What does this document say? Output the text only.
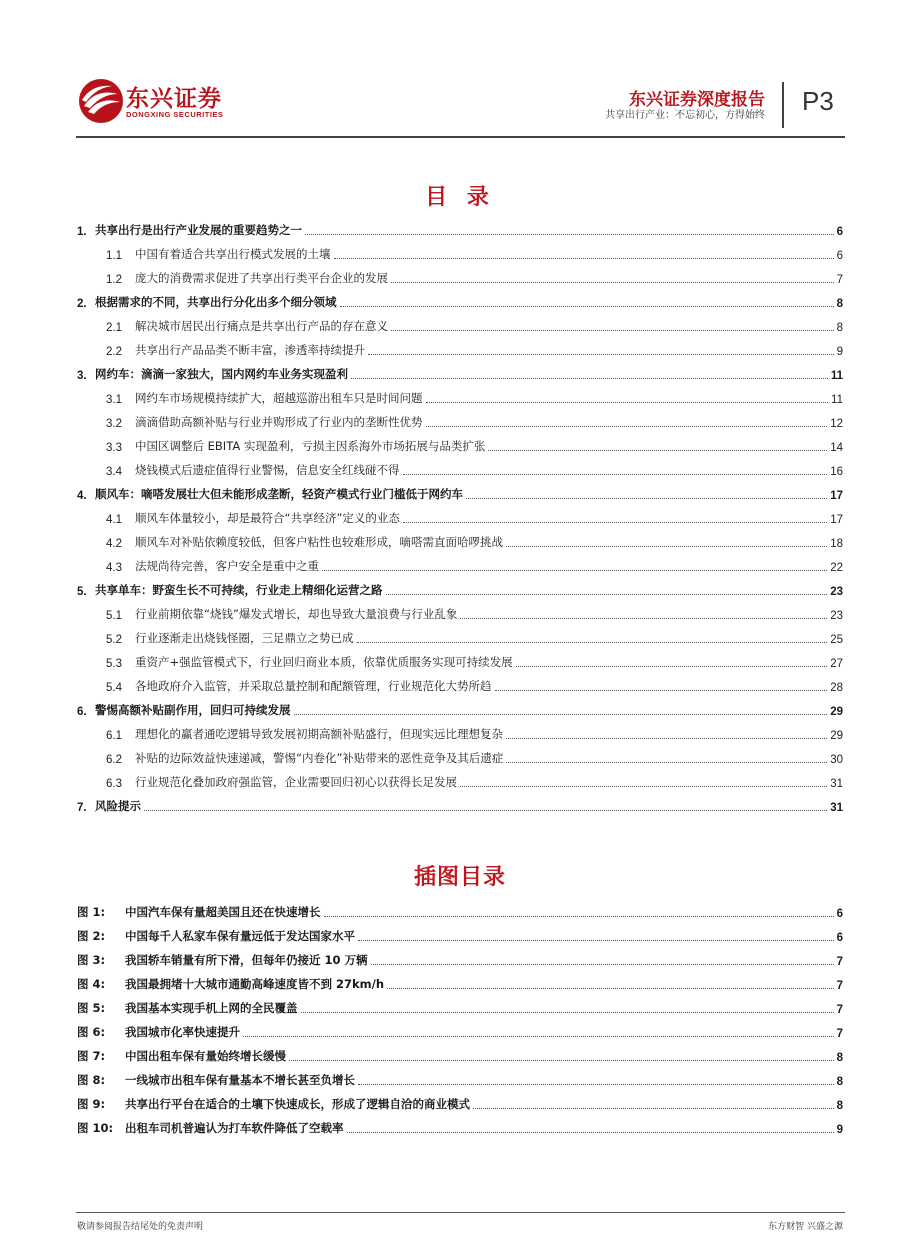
东兴证券
DONGXING SECURITIES
东兴证券深度报告
共享出行产业：不忘初心，方得始终 P3
目 录
1. 共享出行是出行产业发展的重要趋势之一	6
1.1	中国有着适合共享出行模式发展的土壤	6
1.2	庞大的消费需求促进了共享出行类平台企业的发展	7
2. 根据需求的不同，共享出行分化出多个细分领域	8
2.1	解决城市居民出行痛点是共享出行产品的存在意义	8
2.2	共享出行产品品类不断丰富，渗透率持续提升	9
3. 网约车：滴滴一家独大，国内网约车业务实现盈利	11
3.1	网约车市场规模持续扩大，超越巡游出租车只是时间问题	11
3.2	滴滴借助高额补贴与行业并购形成了行业内的垄断性优势	12
3.3	中国区调整后 EBITA 实现盈利，亏损主因系海外市场拓展与品类扩张	14
3.4	烧钱模式后遗症值得行业警惕，信息安全红线碰不得	16
4. 顺风车：嘀嗒发展壮大但未能形成垄断，轻资产模式行业门槛低于网约车	17
4.1	顺风车体量较小，却是最符合“共享经济”定义的业态	17
4.2	顺风车对补贴依赖度较低，但客户粘性也较难形成，嘀嗒需直面哈啰挑战	18
4.3	法规尚待完善，客户安全是重中之重	22
5. 共享单车：野蛮生长不可持续，行业走上精细化运营之路	23
5.1	行业前期依靠“烧钱”爆发式增长，却也导致大量浪费与行业乱象	23
5.2	行业逐渐走出烧钱怪圈，三足鼎立之势已成	25
5.3	重资产+强监管模式下，行业回归商业本质，依靠优质服务实现可持续发展	27
5.4	各地政府介入监管，并采取总量控制和配额管理，行业规范化大势所趋	28
6. 警惕高额补贴副作用，回归可持续发展	29
6.1	理想化的赢者通吃逻辑导致发展初期高额补贴盛行，但现实远比理想复杂	29
6.2	补贴的边际效益快速递减，警惕“内卷化”补贴带来的恶性竞争及其后遗症	30
6.3	行业规范化叠加政府强监管，企业需要回归初心以获得长足发展	31
7. 风险提示	31
插图目录
图 1:	中国汽车保有量超美国且还在快速增长	6
图 2:	中国每千人私家车保有量远低于发达国家水平	6
图 3:	我国轿车销量有所下滑，但每年仍接近 10 万辆	7
图 4:	我国最拥堵十大城市通勤高峰速度皆不到 27km/h	7
图 5:	我国基本实现手机上网的全民覆盖	7
图 6:	我国城市化率快速提升	7
图 7:	中国出租车保有量始终增长缓慢	8
图 8:	一线城市出租车保有量基本不增长甚至负增长	8
图 9:	共享出行平台在适合的土壤下快速成长，形成了逻辑自洽的商业模式	8
图 10:	出租车司机普遍认为打车软件降低了空载率	9
敬请参阅报告结尾处的免责声明	东方财智 兴盛之源
